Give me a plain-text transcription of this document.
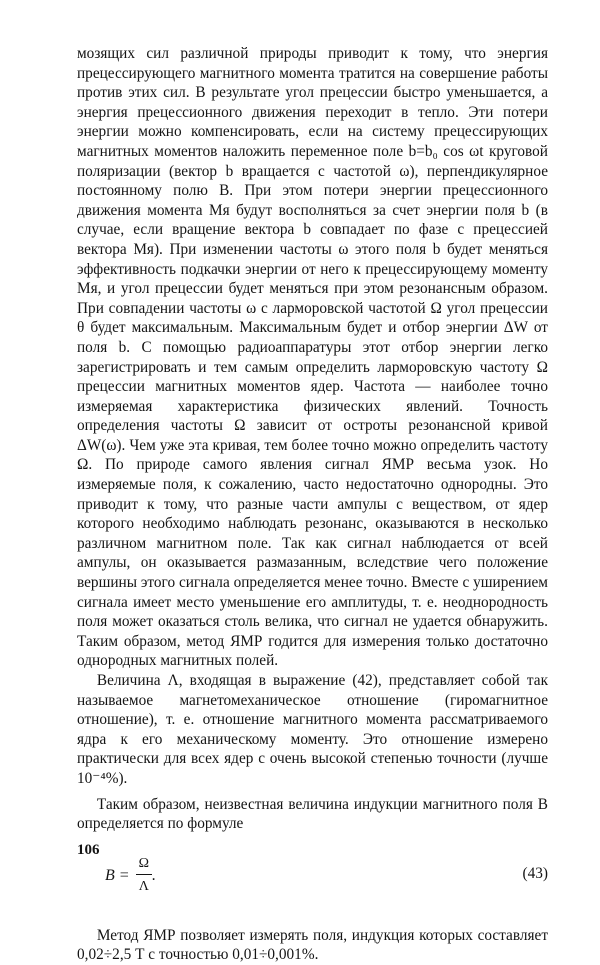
мозящих сил различной природы приводит к тому, что энергия прецессирующего магнитного момента тратится на совершение работы против этих сил. В результате угол прецессии быстро уменьшается, а энергия прецессионного движения переходит в тепло. Эти потери энергии можно компенсировать, если на систему прецессирующих магнитных моментов наложить переменное поле b=b₀ cos ωt круговой поляризации (вектор b вращается с частотой ω), перпендикулярное постоянному полю B. При этом потери энергии прецессионного движения момента Mя будут восполняться за счет энергии поля b (в случае, если вращение вектора b совпадает по фазе с прецессией вектора Mя). При изменении частоты ω этого поля b будет меняться эффективность подкачки энергии от него к прецессирующему моменту Mя, и угол прецессии будет меняться при этом резонансным образом. При совпадении частоты ω с ларморовской частотой Ω угол прецессии θ будет максимальным. Максимальным будет и отбор энергии ΔW от поля b. С помощью радиоаппаратуры этот отбор энергии легко зарегистрировать и тем самым определить ларморовскую частоту Ω прецессии магнитных моментов ядер. Частота — наиболее точно измеряемая характеристика физических явлений. Точность определения частоты Ω зависит от остроты резонансной кривой ΔW(ω). Чем уже эта кривая, тем более точно можно определить частоту Ω. По природе самого явления сигнал ЯМР весьма узок. Но измеряемые поля, к сожалению, часто недостаточно однородны. Это приводит к тому, что разные части ампулы с веществом, от ядер которого необходимо наблюдать резонанс, оказываются в несколько различном магнитном поле. Так как сигнал наблюдается от всей ампулы, он оказывается размазанным, вследствие чего положение вершины этого сигнала определяется менее точно. Вместе с уширением сигнала имеет место уменьшение его амплитуды, т. е. неоднородность поля может оказаться столь велика, что сигнал не удается обнаружить. Таким образом, метод ЯМР годится для измерения только достаточно однородных магнитных полей.

Величина Λ, входящая в выражение (42), представляет собой так называемое магнетомеханическое отношение (гиромагнитное отношение), т. е. отношение магнитного момента рассматриваемого ядра к его механическому моменту. Это отношение измерено практически для всех ядер с очень высокой степенью точности (лучше 10⁻⁴%).

Таким образом, неизвестная величина индукции магнитного поля B определяется по формуле

$B = \frac{\Omega}{\Lambda}$ .	(43)

Метод ЯМР позволяет измерять поля, индукция которых составляет 0,02÷2,5 Т с точностью 0,01÷0,001%.

106
